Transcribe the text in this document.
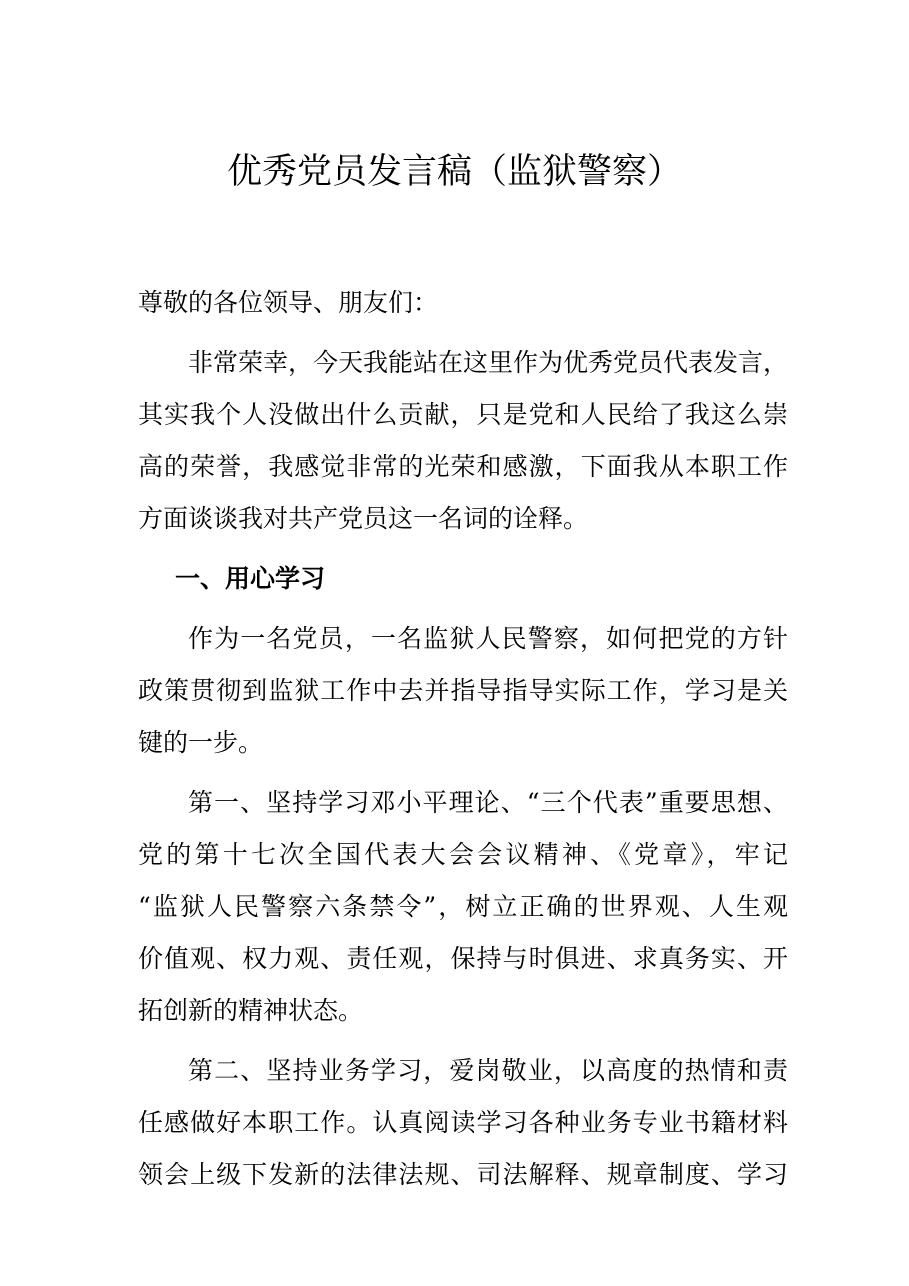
优秀党员发言稿（监狱警察）
尊敬的各位领导、朋友们：
非常荣幸，今天我能站在这里作为优秀党员代表发言，
其实我个人没做出什么贡献，只是党和人民给了我这么崇
高的荣誉，我感觉非常的光荣和感激，下面我从本职工作
方面谈谈我对共产党员这一名词的诠释。
一、用心学习
作为一名党员，一名监狱人民警察，如何把党的方针
政策贯彻到监狱工作中去并指导指导实际工作，学习是关
键的一步。
第一、坚持学习邓小平理论、“三个代表”重要思想、
党的第十七次全国代表大会会议精神、《党章》，牢记
“监狱人民警察六条禁令”，树立正确的世界观、人生观
价值观、权力观、责任观，保持与时俱进、求真务实、开
拓创新的精神状态。
第二、坚持业务学习，爱岗敬业，以高度的热情和责
任感做好本职工作。认真阅读学习各种业务专业书籍材料
领会上级下发新的法律法规、司法解释、规章制度、学习
